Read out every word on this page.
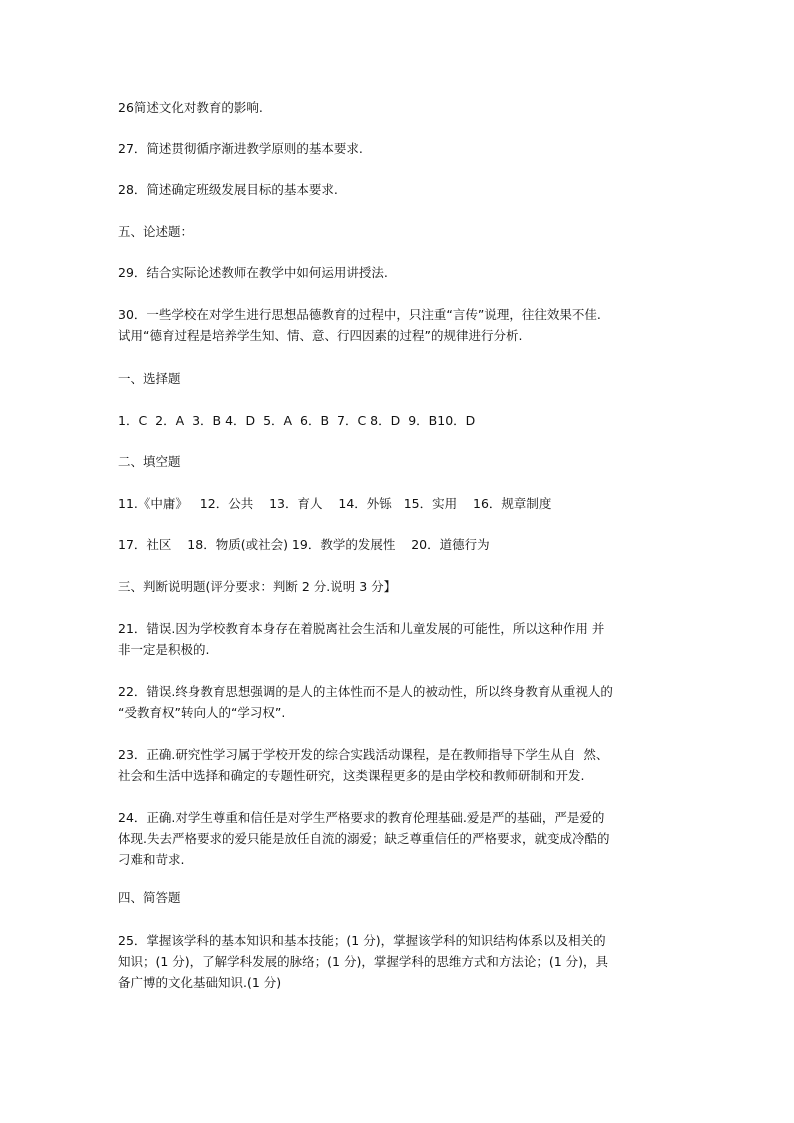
26简述文化对教育的影响.
27．简述贯彻循序渐进教学原则的基本要求.
28．简述确定班级发展目标的基本要求.
五、论述题：
29．结合实际论述教师在教学中如何运用讲授法.
30．一些学校在对学生进行思想品德教育的过程中，只注重“言传”说理，往往效果不佳.
试用“德育过程是培养学生知、情、意、行四因素的过程”的规律进行分析.
一、选择题
1．C  2．A  3．B 4．D  5．A  6．B  7．C 8．D  9．B10．D
二、填空题
11.《中庸》   12．公共    13．育人    14．外铄   15．实用    16．规章制度
17．社区    18．物质(或社会) 19．教学的发展性    20．道德行为
三、判断说明题(评分要求：判断 2 分.说明 3 分】
21．错误.因为学校教育本身存在着脱离社会生活和儿童发展的可能性，所以这种作用 并
非一定是积极的.
22．错误.终身教育思想强调的是人的主体性而不是人的被动性，所以终身教育从重视人的
“受教育权”转向人的“学习权”.
23．正确.研究性学习属于学校开发的综合实践活动课程，是在教师指导下学生从自  然、
社会和生活中选择和确定的专题性研究，这类课程更多的是由学校和教师研制和开发.
24．正确.对学生尊重和信任是对学生严格要求的教育伦理基础.爱是严的基础，严是爱的
体现.失去严格要求的爱只能是放任自流的溺爱；缺乏尊重信任的严格要求，就变成冷酷的
刁难和苛求.
四、简答题
25．掌握该学科的基本知识和基本技能；(1 分)，掌握该学科的知识结构体系以及相关的
知识；(1 分)，了解学科发展的脉络；(1 分)，掌握学科的思维方式和方法论；(1 分)，具
备广博的文化基础知识.(1 分)
